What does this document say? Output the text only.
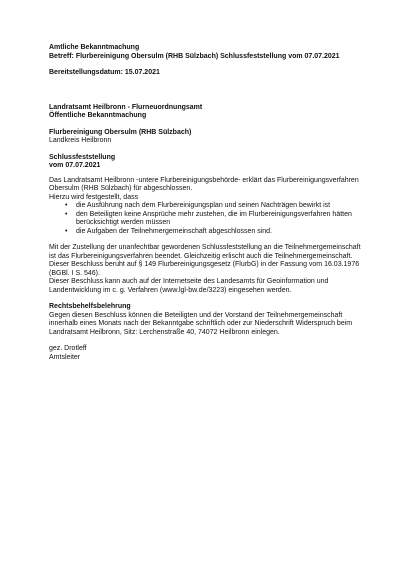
Amtliche Bekanntmachung

Betreff: Flurbereinigung Obersulm (RHB Sülzbach) Schlussfeststellung vom 07.07.2021

Bereitstellungsdatum: 15.07.2021

Landratsamt Heilbronn - Flurneuordnungsamt

Öffentliche Bekanntmachung

Flurbereinigung Obersulm (RHB Sülzbach)

Landkreis Heilbronn

Schlussfeststellung

vom 07.07.2021

Das Landratsamt Heilbronn -untere Flurbereinigungsbehörde- erklärt das Flurbereinigungsverfahren Obersulm (RHB Sülzbach) für abgeschlossen.

Hierzu wird festgestellt, dass

• die Ausführung nach dem Flurbereinigungsplan und seinen Nachträgen bewirkt ist
• den Beteiligten keine Ansprüche mehr zustehen, die im Flurbereinigungsverfahren hätten berücksichtigt werden müssen
• die Aufgaben der Teilnehmergemeinschaft abgeschlossen sind.

Mit der Zustellung der unanfechtbar gewordenen Schlussfeststellung an die Teilnehmergemeinschaft ist das Flurbereinigungsverfahren beendet. Gleichzeitig erlischt auch die Teilnehmergemeinschaft.

Dieser Beschluss beruht auf § 149 Flurbereinigungsgesetz (FlurbG) in der Fassung vom 16.03.1976 (BGBl. I S. 546).

Dieser Beschluss kann auch auf der Internetseite des Landesamts für Geoinformation und Landentwicklung im c. g. Verfahren (www.lgl-bw.de/3223) eingesehen werden.

Rechtsbehelfsbelehrung

Gegen diesen Beschluss können die Beteiligten und der Vorstand der Teilnehmergemeinschaft innerhalb eines Monats nach der Bekanntgabe schriftlich oder zur Niederschrift Widerspruch beim Landratsamt Heilbronn, Sitz: Lerchenstraße 40, 74072 Heilbronn einlegen.

gez. Drotleff

Amtsleiter
